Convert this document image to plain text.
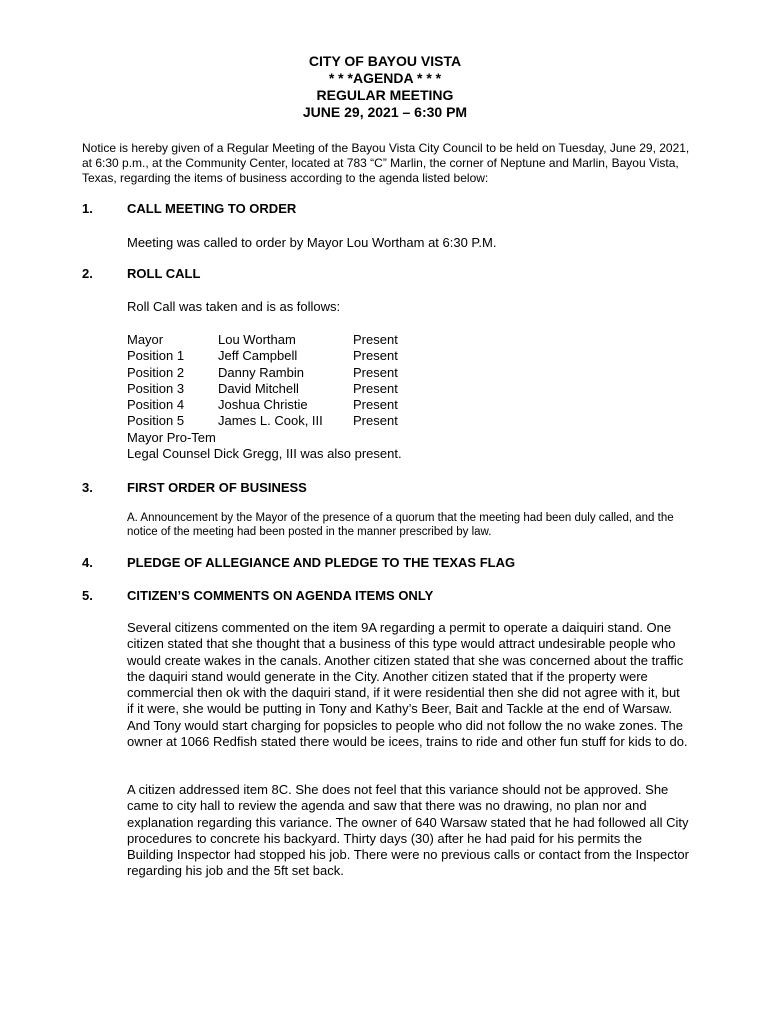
CITY OF BAYOU VISTA
* * *AGENDA * * *
REGULAR MEETING
JUNE 29, 2021 – 6:30 PM
Notice is hereby given of a Regular Meeting of the Bayou Vista City Council to be held on Tuesday, June 29, 2021, at 6:30 p.m., at the Community Center, located at 783 “C” Marlin, the corner of Neptune and Marlin, Bayou Vista, Texas, regarding the items of business according to the agenda listed below:
1.	CALL MEETING TO ORDER
Meeting was called to order by Mayor Lou Wortham at 6:30 P.M.
2.	ROLL CALL
Roll Call was taken and is as follows:
Mayor	Lou Wortham	Present
Position 1	Jeff Campbell	Present
Position 2	Danny Rambin	Present
Position 3	David Mitchell	Present
Position 4	Joshua Christie	Present
Position 5	James L. Cook, III	Present
Mayor Pro-Tem
Legal Counsel Dick Gregg, III was also present.
3.	FIRST ORDER OF BUSINESS
A. Announcement by the Mayor of the presence of a quorum that the meeting had been duly called, and the notice of the meeting had been posted in the manner prescribed by law.
4.	PLEDGE OF ALLEGIANCE AND PLEDGE TO THE TEXAS FLAG
5.	CITIZEN’S COMMENTS ON AGENDA ITEMS ONLY
Several citizens commented on the item 9A regarding a permit to operate a daiquiri stand. One citizen stated that she thought that a business of this type would attract undesirable people who would create wakes in the canals. Another citizen stated that she was concerned about the traffic the daquiri stand would generate in the City. Another citizen stated that if the property were commercial then ok with the daquiri stand, if it were residential then she did not agree with it, but if it were, she would be putting in Tony and Kathy’s Beer, Bait and Tackle at the end of Warsaw. And Tony would start charging for popsicles to people who did not follow the no wake zones. The owner at 1066 Redfish stated there would be icees, trains to ride and other fun stuff for kids to do.
A citizen addressed item 8C. She does not feel that this variance should not be approved. She came to city hall to review the agenda and saw that there was no drawing, no plan nor and explanation regarding this variance. The owner of 640 Warsaw stated that he had followed all City procedures to concrete his backyard. Thirty days (30) after he had paid for his permits the Building Inspector had stopped his job. There were no previous calls or contact from the Inspector regarding his job and the 5ft set back.
